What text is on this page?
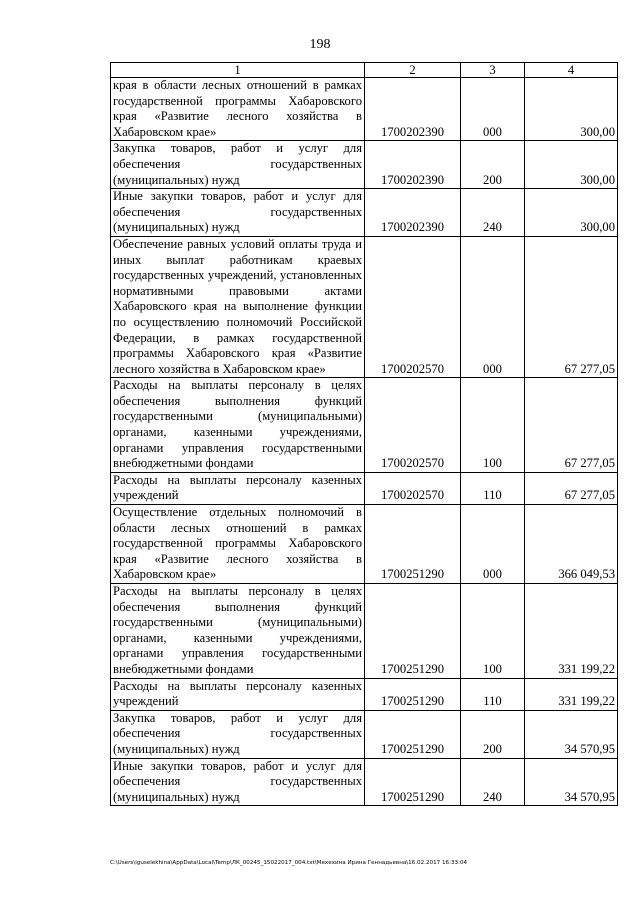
198
1	2	3	4
края в области лесных отношений в рамках государственной программы Хабаровского края «Развитие лесного хозяйства в Хабаровском крае»	1700202390	000	300,00
Закупка товаров, работ и услуг для обеспечения государственных (муниципальных) нужд	1700202390	200	300,00
Иные закупки товаров, работ и услуг для обеспечения государственных (муниципальных) нужд	1700202390	240	300,00
Обеспечение равных условий оплаты труда и иных выплат работникам краевых государственных учреждений, установленных нормативными правовыми актами Хабаровского края на выполнение функции по осуществлению полномочий Российской Федерации, в рамках государственной программы Хабаровского края «Развитие лесного хозяйства в Хабаровском крае»	1700202570	000	67 277,05
Расходы на выплаты персоналу в целях обеспечения выполнения функций государственными (муниципальными) органами, казенными учреждениями, органами управления государственными внебюджетными фондами	1700202570	100	67 277,05
Расходы на выплаты персоналу казенных учреждений	1700202570	110	67 277,05
Осуществление отдельных полномочий в области лесных отношений в рамках государственной программы Хабаровского края «Развитие лесного хозяйства в Хабаровском крае»	1700251290	000	366 049,53
Расходы на выплаты персоналу в целях обеспечения выполнения функций государственными (муниципальными) органами, казенными учреждениями, органами управления государственными внебюджетными фондами	1700251290	100	331 199,22
Расходы на выплаты персоналу казенных учреждений	1700251290	110	331 199,22
Закупка товаров, работ и услуг для обеспечения государственных (муниципальных) нужд	1700251290	200	34 570,95
Иные закупки товаров, работ и услуг для обеспечения государственных (муниципальных) нужд	1700251290	240	34 570,95
C:\Users\iguselekhina\AppData\Local\Temp\ЛК_00245_15022017_004.txt\Мехехина Ирина Геннадьевна\16.02.2017 16:33:04
